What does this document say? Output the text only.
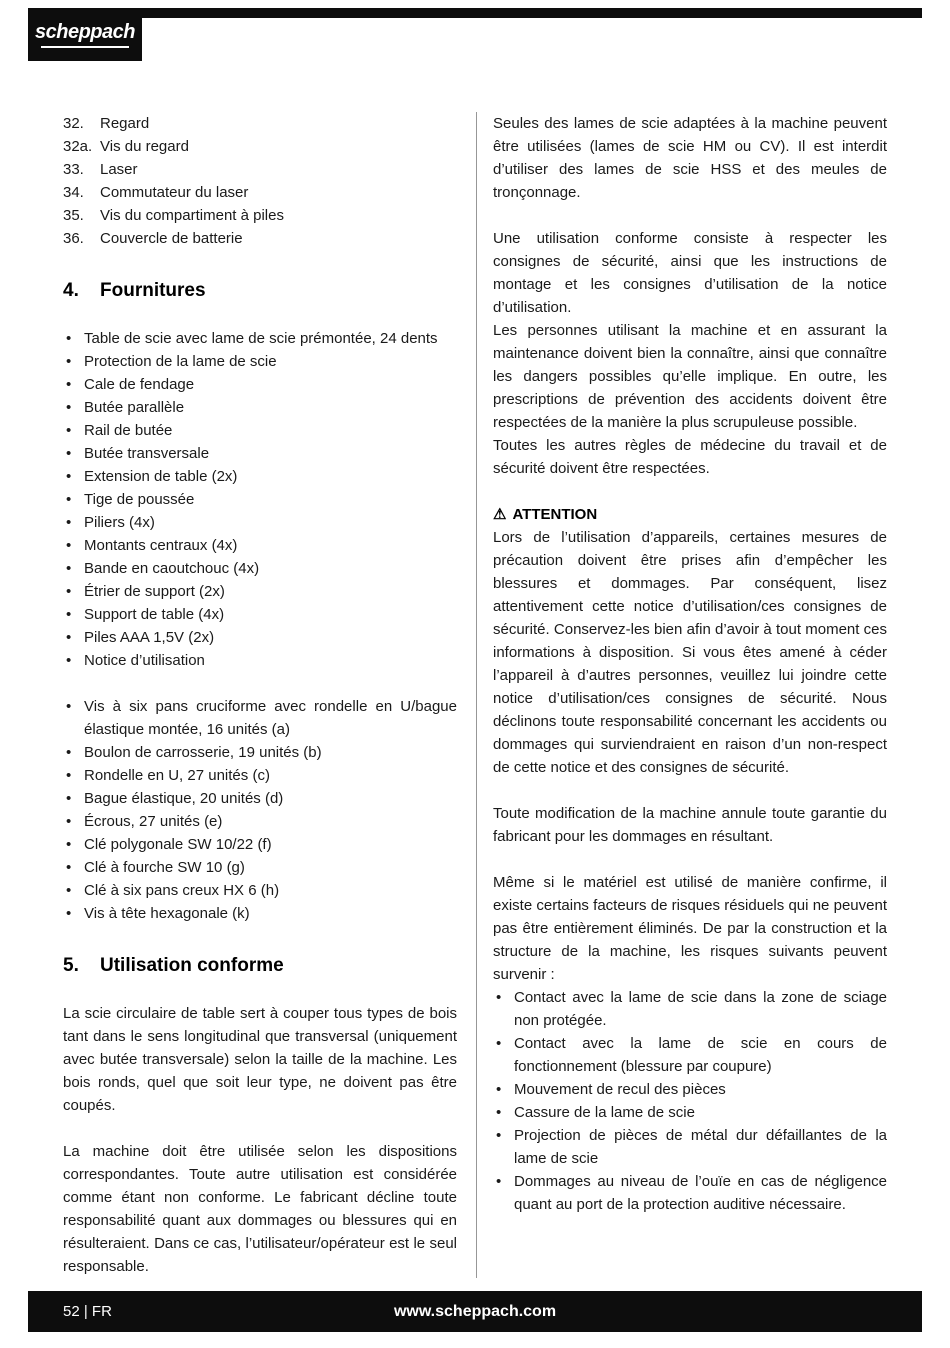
scheppach
32.	Regard
32a. Vis du regard
33.	Laser
34.	Commutateur du laser
35.	Vis du compartiment à piles
36.	Couvercle de batterie
4.	Fournitures
• Table de scie avec lame de scie prémontée, 24 dents
• Protection de la lame de scie
• Cale de fendage
• Butée parallèle
• Rail de butée
• Butée transversale
• Extension de table (2x)
• Tige de poussée
• Piliers (4x)
• Montants centraux (4x)
• Bande en caoutchouc (4x)
• Étrier de support (2x)
• Support de table (4x)
• Piles AAA 1,5V (2x)
• Notice d’utilisation
• Vis à six pans cruciforme avec rondelle en U/bague élastique montée, 16 unités (a)
• Boulon de carrosserie, 19 unités (b)
• Rondelle en U, 27 unités (c)
• Bague élastique, 20 unités (d)
• Écrous, 27 unités (e)
• Clé polygonale SW 10/22 (f)
• Clé à fourche SW 10 (g)
• Clé à six pans creux HX 6 (h)
• Vis à tête hexagonale (k)
5.	Utilisation conforme

La scie circulaire de table sert à couper tous types de bois tant dans le sens longitudinal que transversal (uniquement avec butée transversale) selon la taille de la machine. Les bois ronds, quel que soit leur type, ne doivent pas être coupés.

La machine doit être utilisée selon les dispositions correspondantes. Toute autre utilisation est considérée comme étant non conforme. Le fabricant décline toute responsabilité quant aux dommages ou blessures qui en résulteraient. Dans ce cas, l’utilisateur/opérateur est le seul responsable.

Seules des lames de scie adaptées à la machine peuvent être utilisées (lames de scie HM ou CV). Il est interdit d’utiliser des lames de scie HSS et des meules de tronçonnage.

Une utilisation conforme consiste à respecter les consignes de sécurité, ainsi que les instructions de montage et les consignes d’utilisation de la notice d’utilisation.

Les personnes utilisant la machine et en assurant la maintenance doivent bien la connaître, ainsi que connaître les dangers possibles qu’elle implique. En outre, les prescriptions de prévention des accidents doivent être respectées de la manière la plus scrupuleuse possible.

Toutes les autres règles de médecine du travail et de sécurité doivent être respectées.

⚠ ATTENTION

Lors de l’utilisation d’appareils, certaines mesures de précaution doivent être prises afin d’empêcher les blessures et dommages. Par conséquent, lisez attentivement cette notice d’utilisation/ces consignes de sécurité. Conservez-les bien afin d’avoir à tout moment ces informations à disposition. Si vous êtes amené à céder l’appareil à d’autres personnes, veuillez lui joindre cette notice d’utilisation/ces consignes de sécurité. Nous déclinons toute responsabilité concernant les accidents ou dommages qui surviendraient en raison d’un non-respect de cette notice et des consignes de sécurité.

Toute modification de la machine annule toute garantie du fabricant pour les dommages en résultant.

Même si le matériel est utilisé de manière confirme, il existe certains facteurs de risques résiduels qui ne peuvent pas être entièrement éliminés. De par la construction et la structure de la machine, les risques suivants peuvent survenir :

• Contact avec la lame de scie dans la zone de sciage non protégée.
• Contact avec la lame de scie en cours de fonctionnement (blessure par coupure)
• Mouvement de recul des pièces
• Cassure de la lame de scie
• Projection de pièces de métal dur défaillantes de la lame de scie
• Dommages au niveau de l’ouïe en cas de négligence quant au port de la protection auditive nécessaire.
52 | FR	www.scheppach.com
